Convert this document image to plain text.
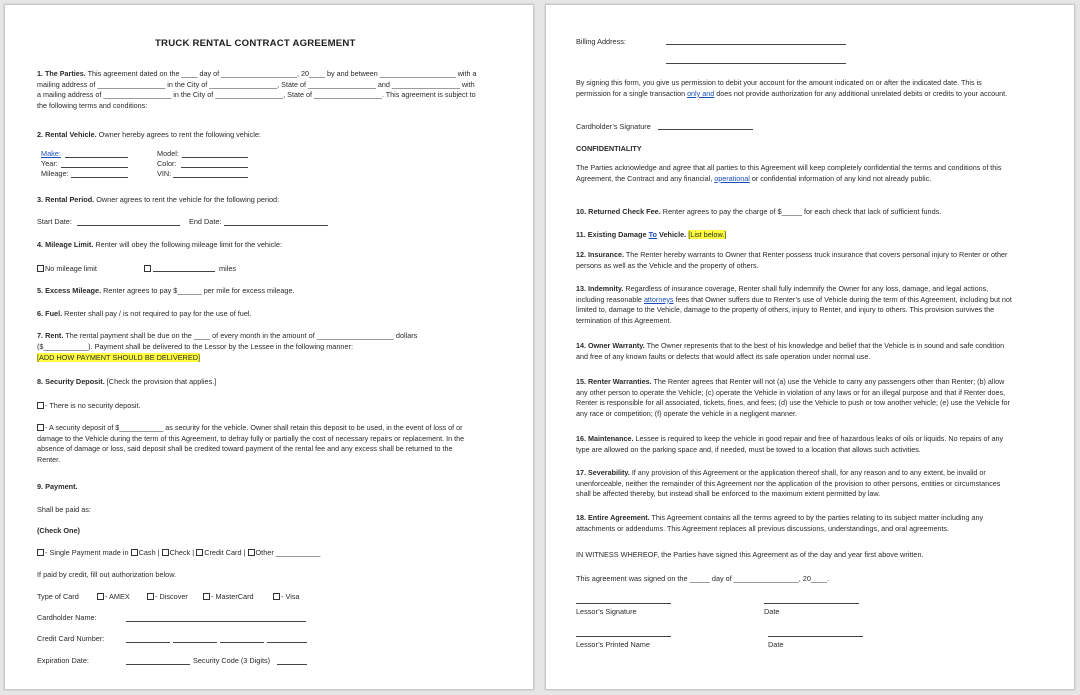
TRUCK RENTAL CONTRACT AGREEMENT
1. The Parties. This agreement dated on the ____ day of ___________________, 20____ by and between ___________________ with a mailing address of _________________ in the City of _________________, State of _________________ and _________________ with a mailing address of _________________ in the City of _________________, State of _________________. This agreement is subject to the following terms and conditions:
2. Rental Vehicle. Owner hereby agrees to rent the following vehicle:
Make:	Model:
Year:	Color:
Mileage:	VIN:
3. Rental Period. Owner agrees to rent the vehicle for the following period:
Start Date:	End Date:
4. Mileage Limit. Renter will obey the following mileage limit for the vehicle:
No mileage limit	miles
5. Excess Mileage. Renter agrees to pay $______ per mile for excess mileage.
6. Fuel. Renter shall pay / is not required to pay for the use of fuel.
7. Rent. The rental payment shall be due on the ____ of every month in the amount of ___________________ dollars
($___________). Payment shall be delivered to the Lessor by the Lessee in the following manner:
[ADD HOW PAYMENT SHOULD BE DELIVERED]
8. Security Deposit. [Check the provision that applies.]
- There is no security deposit.
- A security deposit of $___________ as security for the vehicle. Owner shall retain this deposit to be used, in the event of loss of or damage to the Vehicle during the term of this Agreement, to defray fully or partially the cost of necessary repairs or replacement. In the absence of damage or loss, said deposit shall be credited toward payment of the rental fee and any excess shall be returned to the Renter.
9. Payment.
Shall be paid as:
(Check One)
- Single Payment made in Cash | Check | Credit Card | Other ___________
If paid by credit, fill out authorization below.
Type of Card	- AMEX	- Discover	- MasterCard	- Visa
Cardholder Name:
Credit Card Number:
Expiration Date:	Security Code (3 Digits)
Billing Address:
By signing this form, you give us permission to debit your account for the amount indicated on or after the indicated date. This is permission for a single transaction only and does not provide authorization for any additional unrelated debits or credits to your account.
Cardholder’s Signature
CONFIDENTIALITY
The Parties acknowledge and agree that all parties to this Agreement will keep completely confidential the terms and conditions of this Agreement, the Contract and any financial, operational or confidential information of any kind not already public.
10. Returned Check Fee. Renter agrees to pay the charge of $_____ for each check that lack of sufficient funds.
11. Existing Damage To Vehicle. [List below.]
12. Insurance. The Renter hereby warrants to Owner that Renter possess truck insurance that covers personal injury to Renter or other persons as well as the Vehicle and the property of others.
13. Indemnity. Regardless of insurance coverage, Renter shall fully indemnify the Owner for any loss, damage, and legal actions, including reasonable attorneys fees that Owner suffers due to Renter’s use of Vehicle during the term of this Agreement, including but not limited to, damage to the Vehicle, damage to the property of others, injury to Renter, and injury to others. This provision survives the termination of this Agreement.
14. Owner Warranty. The Owner represents that to the best of his knowledge and belief that the Vehicle is in sound and safe condition and free of any known faults or defects that would affect its safe operation under normal use.
15. Renter Warranties. The Renter agrees that Renter will not (a) use the Vehicle to carry any passengers other than Renter; (b) allow any other person to operate the Vehicle; (c) operate the Vehicle in violation of any laws or for an illegal purpose and that if Renter does, Renter is responsible for all associated, tickets, fines, and fees; (d) use the Vehicle to push or tow another vehicle; (e) use the Vehicle for any race or competition; (f) operate the vehicle in a negligent manner.
16. Maintenance. Lessee is required to keep the vehicle in good repair and free of hazardous leaks of oils or liquids. No repairs of any type are allowed on the parking space and, if needed, must be towed to a location that allows such activities.
17. Severability. If any provision of this Agreement or the application thereof shall, for any reason and to any extent, be invalid or unenforceable, neither the remainder of this Agreement nor the application of the provision to other persons, entities or circumstances shall be affected thereby, but instead shall be enforced to the maximum extent permitted by law.
18. Entire Agreement. This Agreement contains all the terms agreed to by the parties relating to its subject matter including any attachments or addendums. This Agreement replaces all previous discussions, understandings, and oral agreements.
IN WITNESS WHEREOF, the Parties have signed this Agreement as of the day and year first above written.
This agreement was signed on the _____ day of ________________, 20____.
Lessor’s Signature	Date
Lessor’s Printed Name	Date
